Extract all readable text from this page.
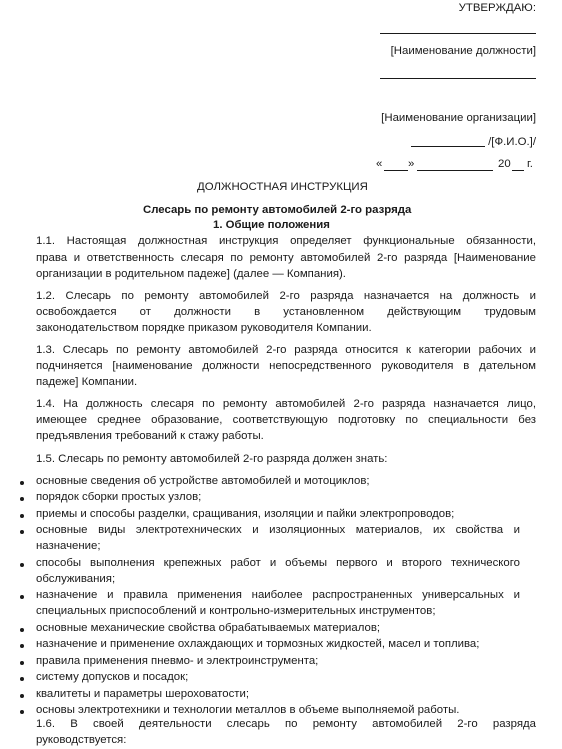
УТВЕРЖДАЮ:
[Наименование должности]
[Наименование организации]
/[Ф.И.О.]/
« »	20 г.
ДОЛЖНОСТНАЯ ИНСТРУКЦИЯ
Слесарь по ремонту автомобилей 2-го разряда
1. Общие положения
1.1. Настоящая должностная инструкция определяет функциональные обязанности,
права и ответственность слесаря по ремонту автомобилей 2-го разряда [Наименование
организации в родительном падеже] (далее — Компания).
1.2. Слесарь по ремонту автомобилей 2-го разряда назначается на должность и
освобождается от должности в установленном действующим трудовым
законодательством порядке приказом руководителя Компании.
1.3. Слесарь по ремонту автомобилей 2-го разряда относится к категории рабочих и
подчиняется [наименование должности непосредственного руководителя в дательном
падеже] Компании.
1.4. На должность слесаря по ремонту автомобилей 2-го разряда назначается лицо,
имеющее среднее образование, соответствующую подготовку по специальности без
предъявления требований к стажу работы.
1.5. Слесарь по ремонту автомобилей 2-го разряда должен знать:
основные сведения об устройстве автомобилей и мотоциклов;
порядок сборки простых узлов;
приемы и способы разделки, сращивания, изоляции и пайки электропроводов;
основные виды электротехнических и изоляционных материалов, их свойства и
назначение;
способы выполнения крепежных работ и объемы первого и второго технического
обслуживания;
назначение и правила применения наиболее распространенных универсальных и
специальных приспособлений и контрольно-измерительных инструментов;
основные механические свойства обрабатываемых материалов;
назначение и применение охлаждающих и тормозных жидкостей, масел и топлива;
правила применения пневмо- и электроинструмента;
систему допусков и посадок;
квалитеты и параметры шероховатости;
основы электротехники и технологии металлов в объеме выполняемой работы.
1.6. В своей деятельности слесарь по ремонту автомобилей 2-го разряда
руководствуется:
